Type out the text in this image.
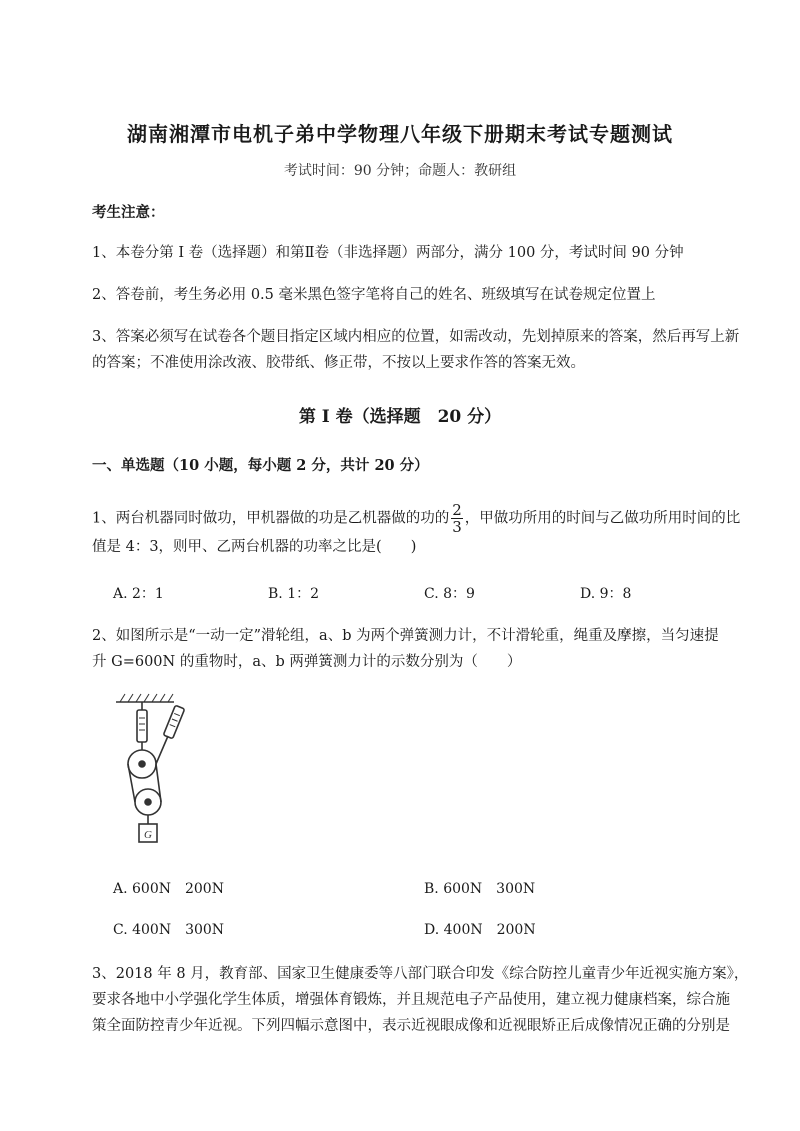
湖南湘潭市电机子弟中学物理八年级下册期末考试专题测试
考试时间：90 分钟；命题人：教研组
考生注意：
1、本卷分第 I 卷（选择题）和第Ⅱ卷（非选择题）两部分，满分 100 分，考试时间 90 分钟
2、答卷前，考生务必用 0.5 毫米黑色签字笔将自己的姓名、班级填写在试卷规定位置上
3、答案必须写在试卷各个题目指定区域内相应的位置，如需改动，先划掉原来的答案，然后再写上新
的答案；不准使用涂改液、胶带纸、修正带，不按以上要求作答的答案无效。
第 I 卷（选择题　20 分）
一、单选题（10 小题，每小题 2 分，共计 20 分）
1、两台机器同时做功，甲机器做的功是乙机器做的功的 $\frac{2}{3}$ ，甲做功所用的时间与乙做功所用时间的比
值是 4：3，则甲、乙两台机器的功率之比是(　　)
A. 2：1	B. 1：2	C. 8：9	D. 9：8
2、如图所示是“一动一定”滑轮组，a、b 为两个弹簧测力计，不计滑轮重，绳重及摩擦，当匀速提
升 G=600N 的重物时，a、b 两弹簧测力计的示数分别为（　　）
G
A. 600N　200N	B. 600N　300N
C. 400N　300N	D. 400N　200N
3、2018 年 8 月，教育部、国家卫生健康委等八部门联合印发《综合防控儿童青少年近视实施方案》，
要求各地中小学强化学生体质，增强体育锻炼，并且规范电子产品使用，建立视力健康档案，综合施
策全面防控青少年近视。下列四幅示意图中，表示近视眼成像和近视眼矫正后成像情况正确的分别是
